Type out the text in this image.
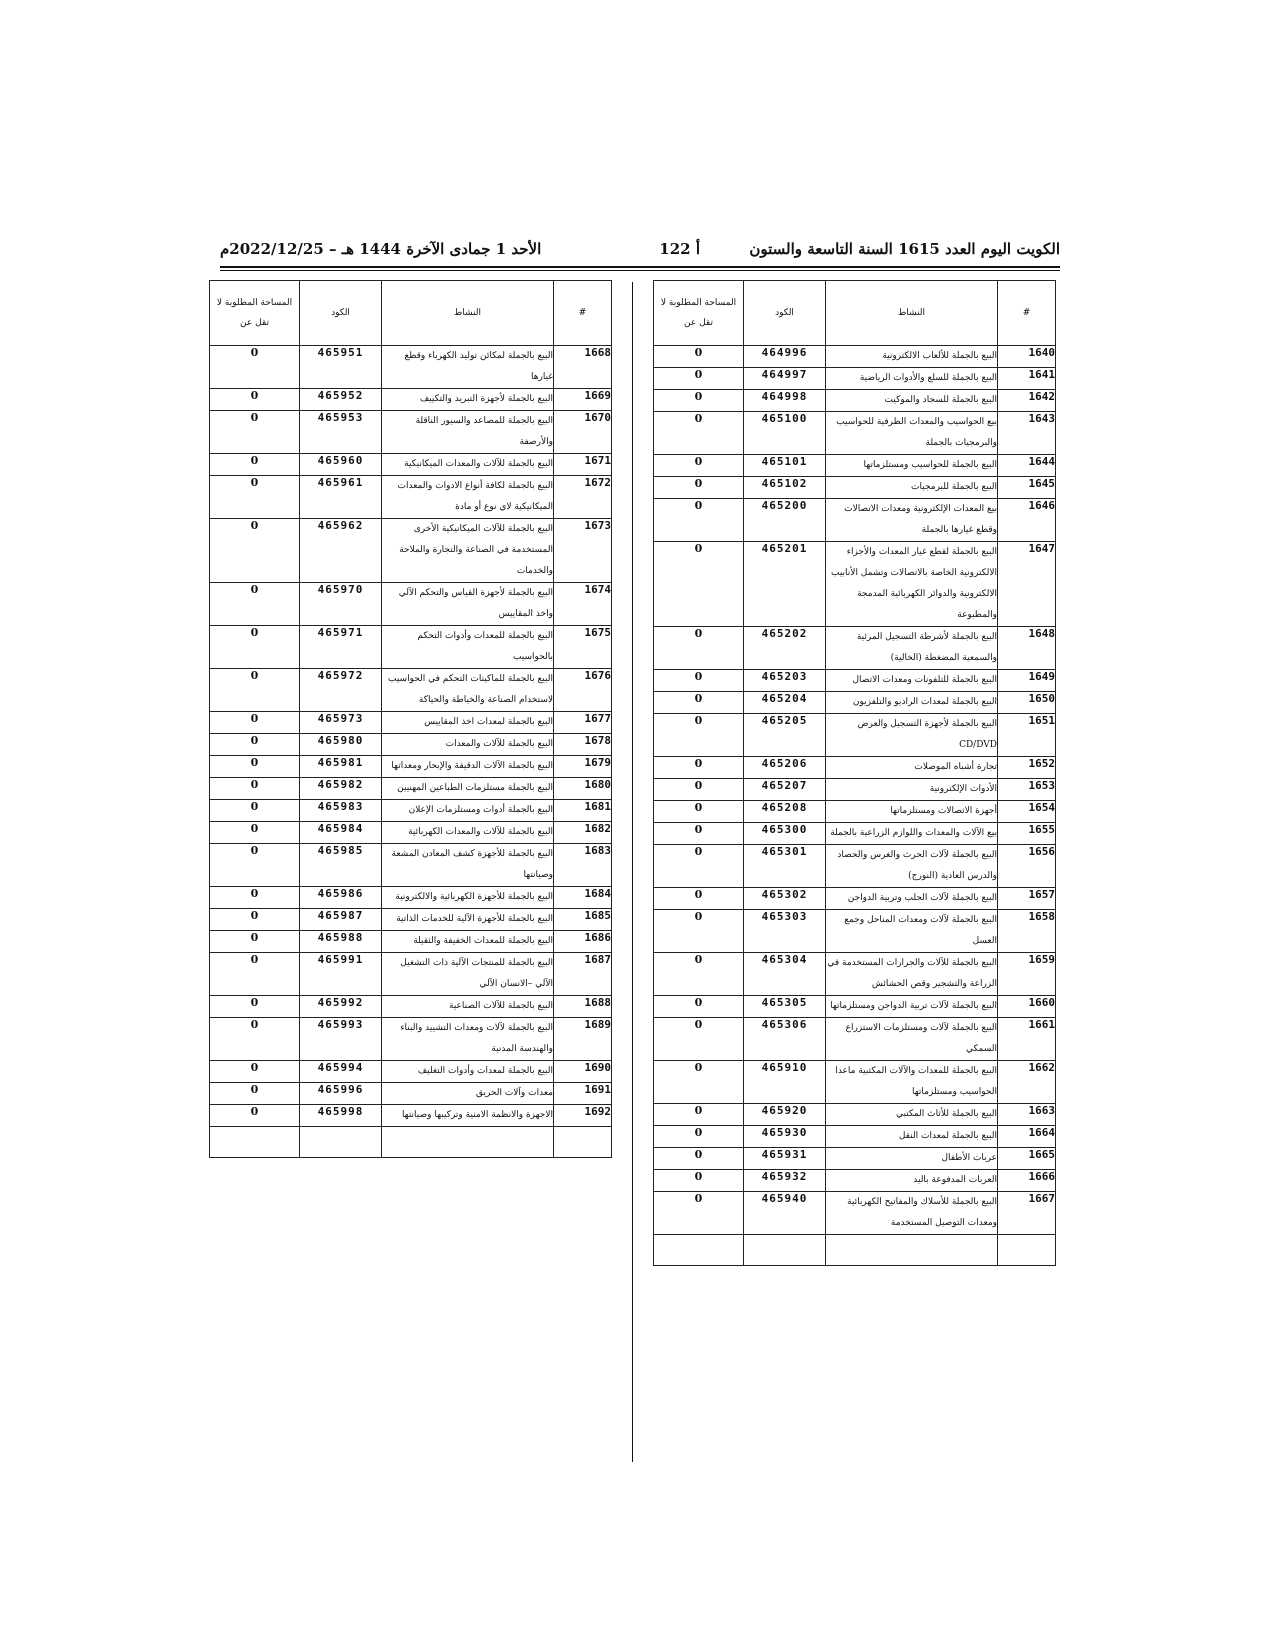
الكويت اليوم العدد 1615 السنة التاسعة والستون
أ 122
الأحد 1 جمادى الآخرة 1444 هـ – 2022/12/25م
#	النشاط	الكود	المساحة المطلوبة لا تقل عن
1640	البيع بالجملة للألعاب الالكترونية	464996	0
1641	البيع بالجملة للسلع والأدوات الرياضية	464997	0
1642	البيع بالجملة للسجاد والموكيت	464998	0
1643	بيع الحواسيب والمعدات الطرفية للحواسيب والبرمجيات بالجملة	465100	0
1644	البيع بالجملة للحواسيب ومستلزماتها	465101	0
1645	البيع بالجملة للبرمجيات	465102	0
1646	بيع المعدات الإلكترونية ومعدات الاتصالات وقطع غيارها بالجملة	465200	0
1647	البيع بالجملة لقطع غيار المعدات والأجزاء الالكترونية الخاصة بالاتصالات وتشمل الأنابيب الالكترونية والدوائر الكهربائية المدمجة والمطبوعة	465201	0
1648	البيع بالجملة لأشرطة التسجيل المرئية والسمعية المضغطة (الخالية)	465202	0
1649	البيع بالجملة للتلفونات ومعدات الاتصال	465203	0
1650	البيع بالجملة لمعدات الراديو والتلفزيون	465204	0
1651	البيع بالجملة لأجهزة التسجيل والعرض CD/DVD	465205	0
1652	تجارة أشباه الموصلات	465206	0
1653	الأدوات الإلكترونية	465207	0
1654	أجهزة الاتصالات ومستلزماتها	465208	0
1655	بيع الآلات والمعدات واللوازم الزراعية بالجملة	465300	0
1656	البيع بالجملة لآلات الحرث والغرس والحصاد والدرس العادية (النورج)	465301	0
1657	البيع بالجملة لآلات الحلب وتربية الدواجن	465302	0
1658	البيع بالجملة لآلات ومعدات المناحل وجمع العسل	465303	0
1659	البيع بالجملة للآلات والجرارات المستخدمة في الزراعة والتشجير وقص الحشائش	465304	0
1660	البيع بالجملة لآلات تربية الدواجن ومستلزماتها	465305	0
1661	البيع بالجملة لآلات ومستلزمات الاستزراع السمكي	465306	0
1662	البيع بالجملة للمعدات والآلات المكتبية ماعدا الحواسيب ومستلزماتها	465910	0
1663	البيع بالجملة للأثاث المكتبي	465920	0
1664	البيع بالجملة لمعدات النقل	465930	0
1665	عربات الأطفال	465931	0
1666	العربات المدفوعة باليد	465932	0
1667	البيع بالجملة للأسلاك والمفاتيح الكهربائية ومعدات التوصيل المستخدمة	465940	0

#	النشاط	الكود	المساحة المطلوبة لا تقل عن
1668	البيع بالجملة لمكائن توليد الكهرباء وقطع غيارها	465951	0
1669	البيع بالجملة لأجهزة التبريد والتكييف	465952	0
1670	البيع بالجملة للمصاعد والسيور الناقلة والأرصفة	465953	0
1671	البيع بالجملة للآلات والمعدات الميكانيكية	465960	0
1672	البيع بالجملة لكافة أنواع الادوات والمعدات الميكانيكية لاي نوع أو مادة	465961	0
1673	البيع بالجملة للآلات الميكانيكية الأخرى المستخدمة في الصناعة والتجارة والملاحة والخدمات	465962	0
1674	البيع بالجملة لأجهزة القياس والتحكم الآلي واخذ المقاييس	465970	0
1675	البيع بالجملة للمعدات وأدوات التحكم بالحواسيب	465971	0
1676	البيع بالجملة للماكينات التحكم في الحواسيب لاستخدام الصناعة والخياطة والحياكة	465972	0
1677	البيع بالجملة لمعدات اخذ المقاييس	465973	0
1678	البيع بالجملة للآلات والمعدات	465980	0
1679	البيع بالجملة الآلات الدقيقة والإبحار ومعداتها	465981	0
1680	البيع بالجملة مستلزمات الطباعين المهنيين	465982	0
1681	البيع بالجملة أدوات ومستلزمات الإعلان	465983	0
1682	البيع بالجملة للآلات والمعدات الكهربائية	465984	0
1683	البيع بالجملة للأجهزة كشف المعادن المشعة وصيانتها	465985	0
1684	البيع بالجملة للأجهزة الكهربائية والالكترونية	465986	0
1685	البيع بالجملة للأجهزة الآلية للخدمات الذاتية	465987	0
1686	البيع بالجملة للمعدات الخفيفة والثقيلة	465988	0
1687	البيع بالجملة للمنتجات الآلية ذات التشغيل الآلي –الانسان الآلي	465991	0
1688	البيع بالجملة للآلات الصناعية	465992	0
1689	البيع بالجملة لآلات ومعدات التشييد والبناء والهندسة المدنية	465993	0
1690	البيع بالجملة لمعدات وأدوات التغليف	465994	0
1691	معدات وآلات الحريق	465996	0
1692	الاجهزة والانظمة الامنية وتركيبها وصيانتها	465998	0
